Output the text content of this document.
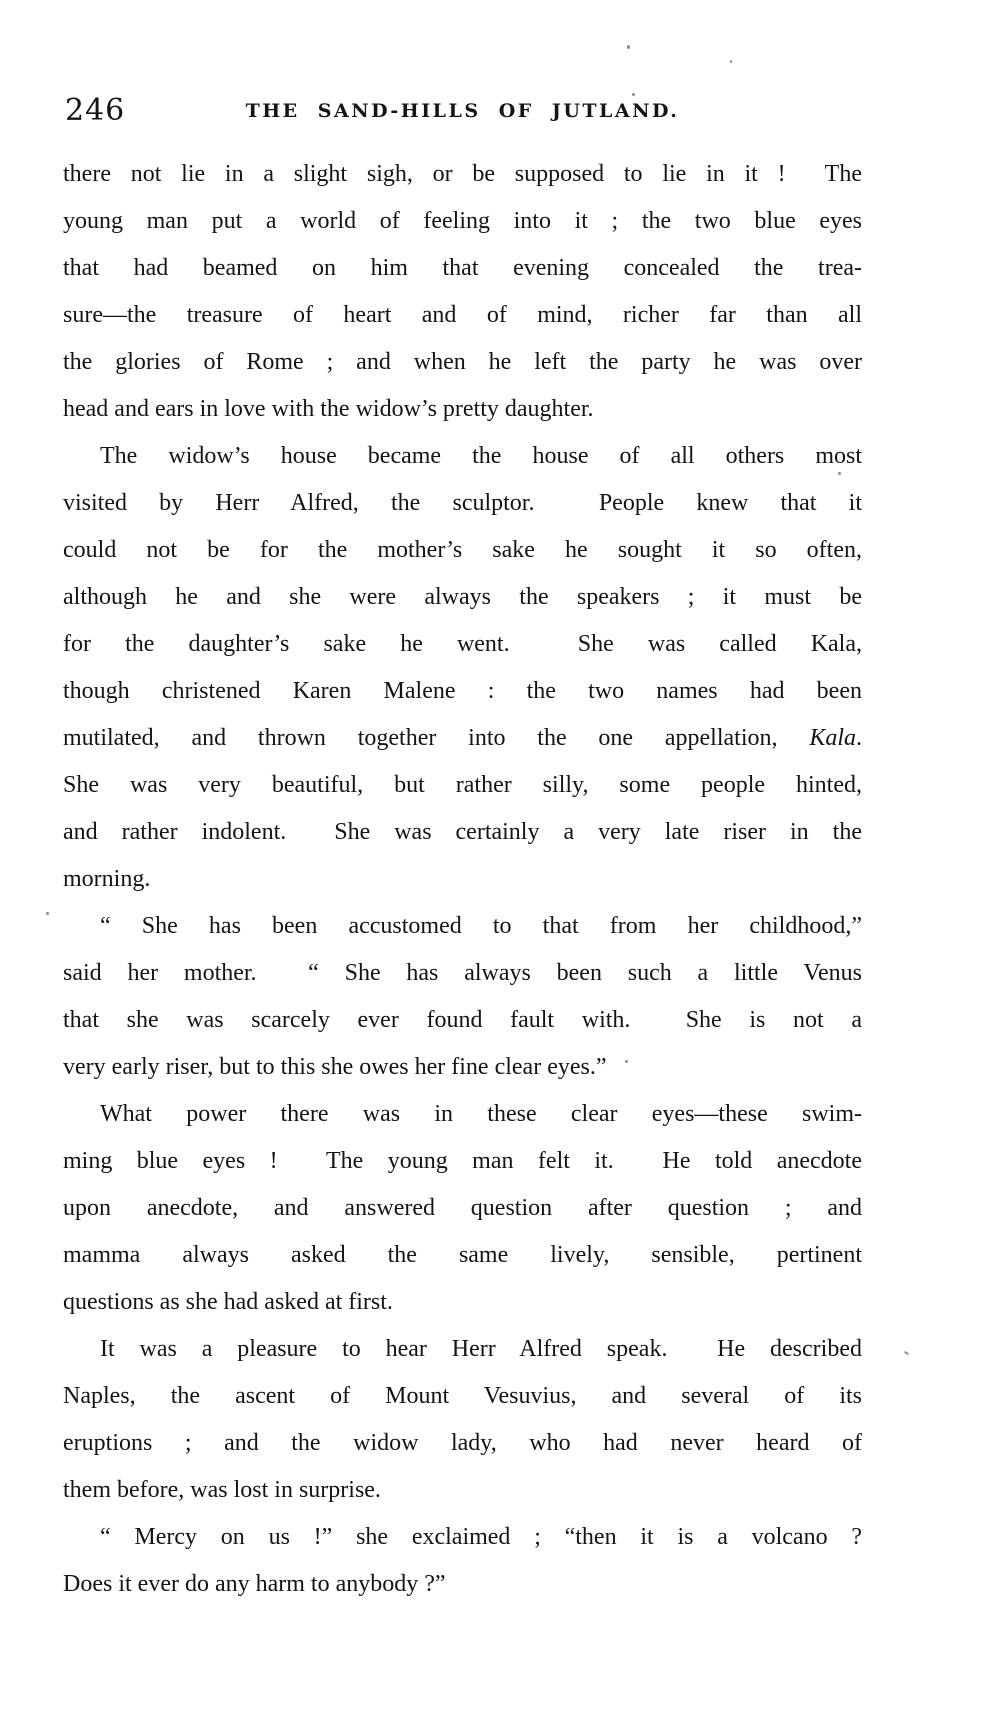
246	THE SAND-HILLS OF JUTLAND.
there not lie in a slight sigh, or be supposed to lie in it !  The
young man put a world of feeling into it ; the two blue eyes
that had beamed on him that evening concealed the trea-
sure—the treasure of heart and of mind, richer far than all
the glories of Rome ; and when he left the party he was over
head and ears in love with the widow’s pretty daughter.
The widow’s house became the house of all others most
visited by Herr Alfred, the sculptor.  People knew that it
could not be for the mother’s sake he sought it so often,
although he and she were always the speakers ; it must be
for the daughter’s sake he went.  She was called Kala,
though christened Karen Malene : the two names had been
mutilated, and thrown together into the one appellation, Kala.
She was very beautiful, but rather silly, some people hinted,
and rather indolent.  She was certainly a very late riser in the
morning.
“ She has been accustomed to that from her childhood,”
said her mother.  “ She has always been such a little Venus
that she was scarcely ever found fault with.  She is not a
very early riser, but to this she owes her fine clear eyes.”
What power there was in these clear eyes—these swim-
ming blue eyes !  The young man felt it.  He told anecdote
upon anecdote, and answered question after question ; and
mamma always asked the same lively, sensible, pertinent
questions as she had asked at first.
It was a pleasure to hear Herr Alfred speak.  He described
Naples, the ascent of Mount Vesuvius, and several of its
eruptions ; and the widow lady, who had never heard of
them before, was lost in surprise.
“ Mercy on us !” she exclaimed ; “then it is a volcano ?
Does it ever do any harm to anybody ?”
